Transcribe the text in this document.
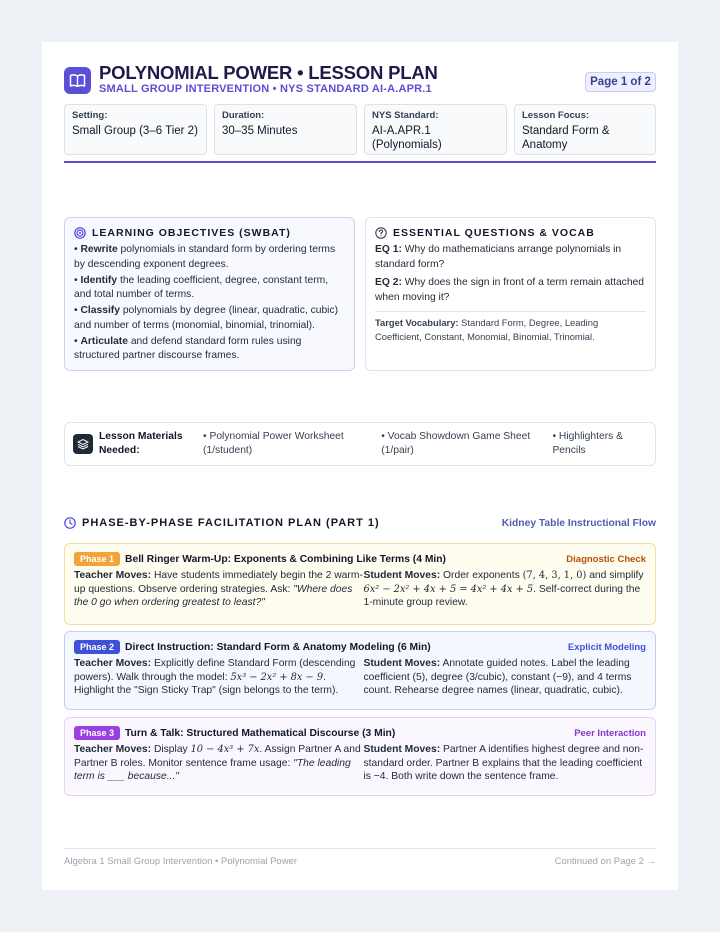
POLYNOMIAL POWER • LESSON PLAN
SMALL GROUP INTERVENTION • NYS STANDARD AI-A.APR.1
Page 1 of 2
Setting:
Small Group (3–6 Tier 2)
Duration:
30–35 Minutes
NYS Standard:
AI-A.APR.1 (Polynomials)
Lesson Focus:
Standard Form & Anatomy
LEARNING OBJECTIVES (SWBAT)
• Rewrite polynomials in standard form by ordering terms by descending exponent degrees.
• Identify the leading coefficient, degree, constant term, and total number of terms.
• Classify polynomials by degree (linear, quadratic, cubic) and number of terms (monomial, binomial, trinomial).
• Articulate and defend standard form rules using structured partner discourse frames.
ESSENTIAL QUESTIONS & VOCAB
EQ 1: Why do mathematicians arrange polynomials in standard form?
EQ 2: Why does the sign in front of a term remain attached when moving it?
Target Vocabulary: Standard Form, Degree, Leading Coefficient, Constant, Monomial, Binomial, Trinomial.
Lesson Materials Needed:
• Polynomial Power Worksheet (1/student)
• Vocab Showdown Game Sheet (1/pair)
• Highlighters & Pencils
PHASE-BY-PHASE FACILITATION PLAN (PART 1)	Kidney Table Instructional Flow
Phase 1	Bell Ringer Warm-Up: Exponents & Combining Like Terms (4 Min)	Diagnostic Check
Teacher Moves: Have students immediately begin the 2 warm-up questions. Observe ordering strategies. Ask: "Where does the 0 go when ordering greatest to least?"
Student Moves: Order exponents (7, 4, 3, 1, 0) and simplify 6x² − 2x² + 4x + 5 = 4x² + 4x + 5. Self-correct during the 1-minute group review.
Phase 2	Direct Instruction: Standard Form & Anatomy Modeling (6 Min)	Explicit Modeling
Teacher Moves: Explicitly define Standard Form (descending powers). Walk through the model: 5x³ − 2x² + 8x − 9. Highlight the "Sign Sticky Trap" (sign belongs to the term).
Student Moves: Annotate guided notes. Label the leading coefficient (5), degree (3/cubic), constant (−9), and 4 terms count. Rehearse degree names (linear, quadratic, cubic).
Phase 3	Turn & Talk: Structured Mathematical Discourse (3 Min)	Peer Interaction
Teacher Moves: Display 10 − 4x³ + 7x. Assign Partner A and Partner B roles. Monitor sentence frame usage: "The leading term is ___ because..."
Student Moves: Partner A identifies highest degree and non-standard order. Partner B explains that the leading coefficient is −4. Both write down the sentence frame.
Algebra 1 Small Group Intervention • Polynomial Power	Continued on Page 2 →
